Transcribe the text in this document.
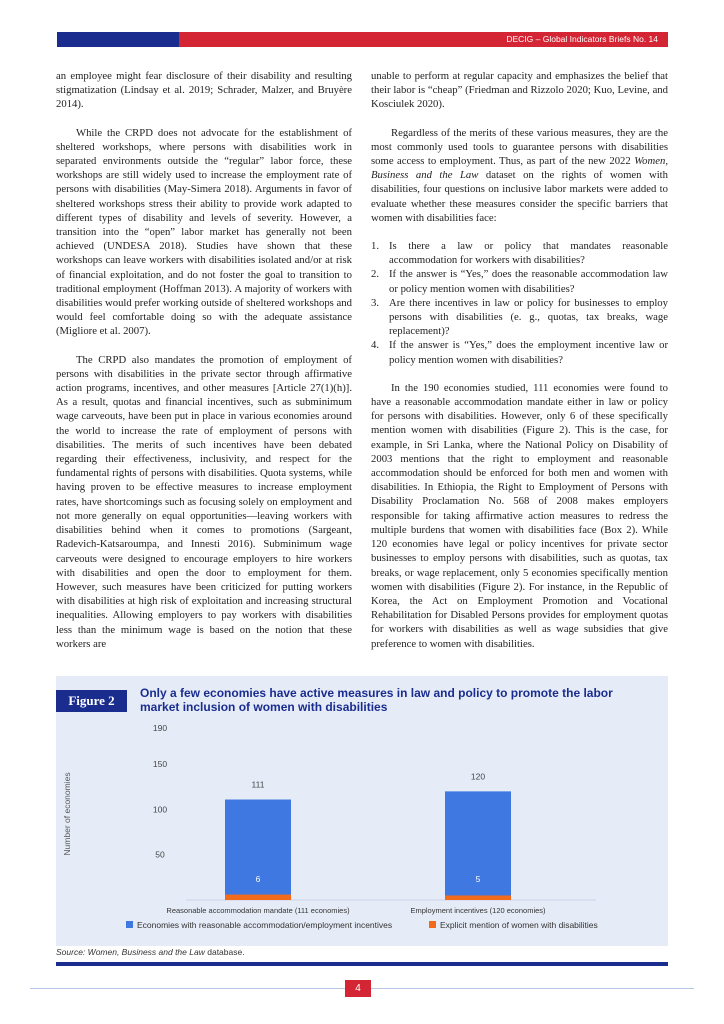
DECIG – Global Indicators Briefs No. 14

an employee might fear disclosure of their disability and resulting stigmatization (Lindsay et al. 2019; Schrader, Malzer, and Bruyère 2014).

While the CRPD does not advocate for the establishment of sheltered workshops, where persons with disabilities work in separated environments outside the “regular” labor force, these workshops are still widely used to increase the employment rate of persons with disabilities (May-Simera 2018). Arguments in favor of sheltered workshops stress their ability to provide work adapted to different types of disability and levels of severity. However, a transition into the “open” labor market has generally not been achieved (UNDESA 2018). Studies have shown that these workshops can leave workers with disabilities isolated and/or at risk of financial exploitation, and do not foster the goal to transition to traditional employment (Hoffman 2013). A majority of workers with disabilities would prefer working outside of sheltered workshops and would feel comfortable doing so with the adequate assistance (Migliore et al. 2007).

The CRPD also mandates the promotion of employment of persons with disabilities in the private sector through affirmative action programs, incentives, and other measures [Article 27(1)(h)]. As a result, quotas and financial incentives, such as subminimum wage carveouts, have been put in place in various economies around the world to increase the rate of employment of persons with disabilities. The merits of such incentives have been debated regarding their effectiveness, inclusivity, and respect for the fundamental rights of persons with disabilities. Quota systems, while having proven to be effective measures to increase employment rates, have shortcomings such as focusing solely on employment and not more generally on equal opportunities—leaving workers with disabilities behind when it comes to promotions (Sargeant, Radevich-Katsaroumpa, and Innesti 2016). Subminimum wage carveouts were designed to encourage employers to hire workers with disabilities and open the door to employment for them. However, such measures have been criticized for putting workers with disabilities at high risk of exploitation and increasing structural inequalities. Allowing employers to pay workers with disabilities less than the minimum wage is based on the notion that these workers are

unable to perform at regular capacity and emphasizes the belief that their labor is “cheap” (Friedman and Rizzolo 2020; Kuo, Levine, and Kosciulek 2020).

Regardless of the merits of these various measures, they are the most commonly used tools to guarantee persons with disabilities some access to employment. Thus, as part of the new 2022 Women, Business and the Law dataset on the rights of women with disabilities, four questions on inclusive labor markets were added to evaluate whether these measures consider the specific barriers that women with disabilities face:

1. Is there a law or policy that mandates reasonable accommodation for workers with disabilities?
2. If the answer is “Yes,” does the reasonable accommodation law or policy mention women with disabilities?
3. Are there incentives in law or policy for businesses to employ persons with disabilities (e. g., quotas, tax breaks, wage replacement)?
4. If the answer is “Yes,” does the employment incentive law or policy mention women with disabilities?

In the 190 economies studied, 111 economies were found to have a reasonable accommodation mandate either in law or policy for persons with disabilities. However, only 6 of these specifically mention women with disabilities (Figure 2). This is the case, for example, in Sri Lanka, where the National Policy on Disability of 2003 mentions that the right to employment and reasonable accommodation should be enforced for both men and women with disabilities. In Ethiopia, the Right to Employment of Persons with Disability Proclamation No. 568 of 2008 makes employers responsible for taking affirmative action measures to redress the multiple burdens that women with disabilities face (Box 2). While 120 economies have legal or policy incentives for private sector businesses to employ persons with disabilities, such as quotas, tax breaks, or wage replacement, only 5 economies specifically mention women with disabilities (Figure 2). For instance, in the Republic of Korea, the Act on Employment Promotion and Vocational Rehabilitation for Disabled Persons provides for employment quotas for workers with disabilities as well as wage subsidies that give preference to women with disabilities.

Figure 2	Only a few economies have active measures in law and policy to promote the labor market inclusion of women with disabilities
Number of economies	50
100
150
190
111
6
Reasonable accommodation mandate (111 economies)
120
5
Employment incentives (120 economies)
Economies with reasonable accommodation/employment incentives	Explicit mention of women with disabilities
Source: Women, Business and the Law database.
4
